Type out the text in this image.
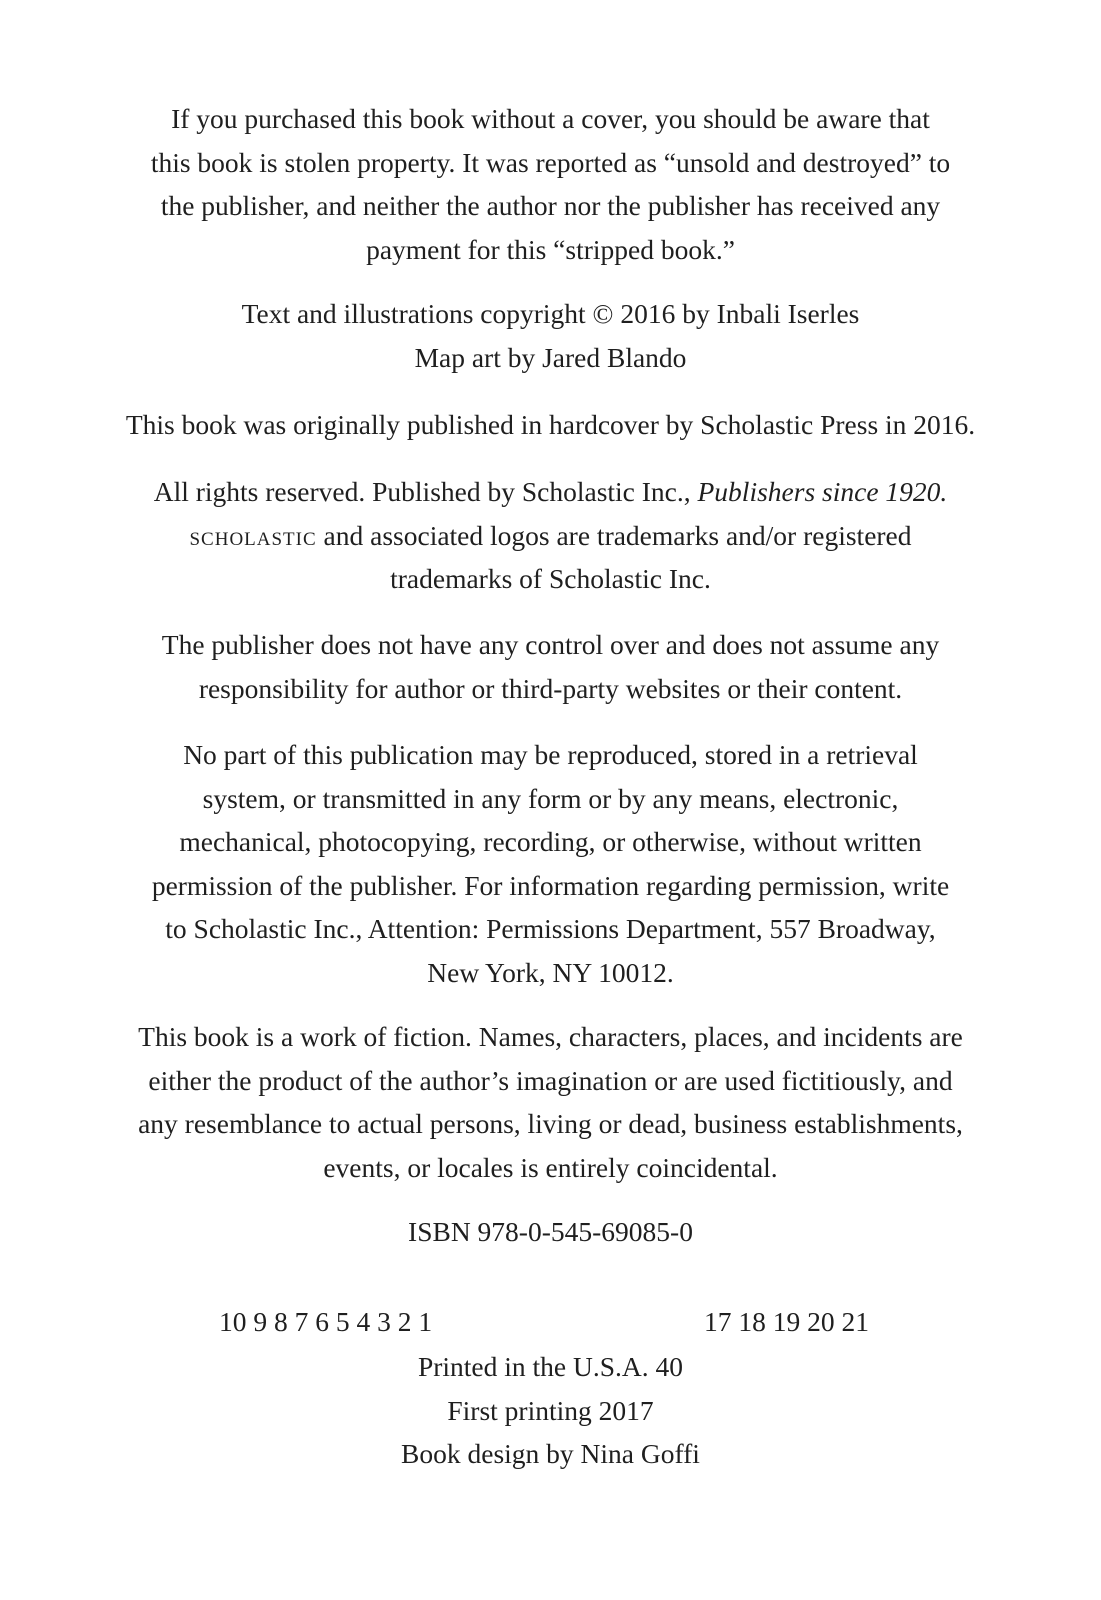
If you purchased this book without a cover, you should be aware that

this book is stolen property. It was reported as “unsold and destroyed” to

the publisher, and neither the author nor the publisher has received any

payment for this “stripped book.”

Text and illustrations copyright © 2016 by Inbali Iserles

Map art by Jared Blando

This book was originally published in hardcover by Scholastic Press in 2016.

All rights reserved. Published by Scholastic Inc., Publishers since 1920.

scholastic and associated logos are trademarks and/or registered

trademarks of Scholastic Inc.

The publisher does not have any control over and does not assume any

responsibility for author or third-party websites or their content.

No part of this publication may be reproduced, stored in a retrieval

system, or transmitted in any form or by any means, electronic,

mechanical, photocopying, recording, or otherwise, without written

permission of the publisher. For information regarding permission, write

to Scholastic Inc., Attention: Permissions Department, 557 Broadway,

New York, NY 10012.

This book is a work of fiction. Names, characters, places, and incidents are

either the product of the author’s imagination or are used fictitiously, and

any resemblance to actual persons, living or dead, business establishments,

events, or locales is entirely coincidental.

ISBN 978-0-545-69085-0

10 9 8 7 6 5 4 3 2 1	17 18 19 20 21

Printed in the U.S.A. 40

First printing 2017

Book design by Nina Goffi
